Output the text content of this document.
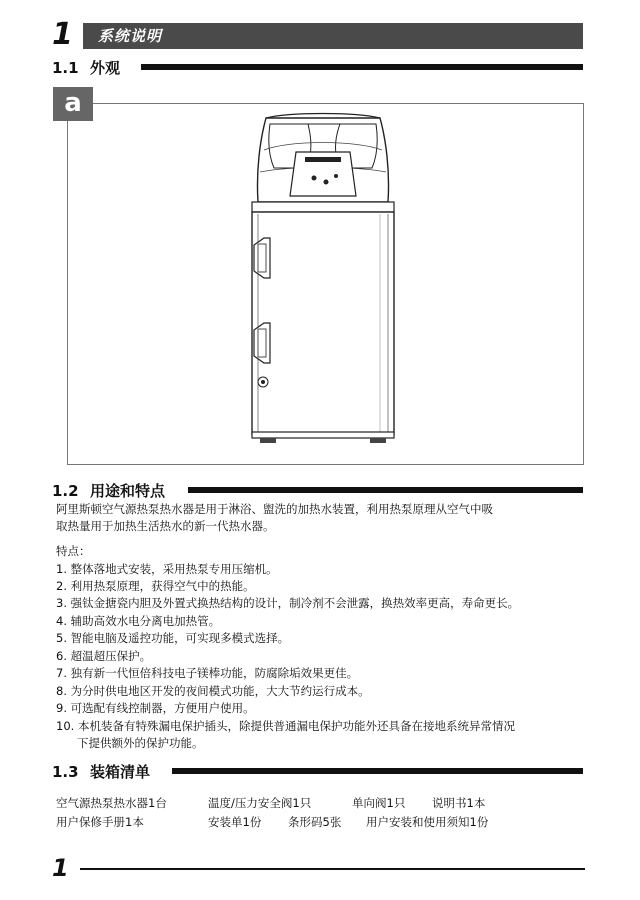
1 系统说明
1.1 外观
a
1.2 用途和特点
阿里斯顿空气源热泵热水器是用于淋浴、盥洗的加热水装置，利用热泵原理从空气中吸
取热量用于加热生活热水的新一代热水器。
特点：
1. 整体落地式安装，采用热泵专用压缩机。
2. 利用热泵原理，获得空气中的热能。
3. 强钛金搪瓷内胆及外置式换热结构的设计，制冷剂不会泄露，换热效率更高，寿命更长。
4. 辅助高效水电分离电加热管。
5. 智能电脑及遥控功能，可实现多模式选择。
6. 超温超压保护。
7. 独有新一代恒倍科技电子镁棒功能，防腐除垢效果更佳。
8. 为分时供电地区开发的夜间模式功能，大大节约运行成本。
9. 可选配有线控制器，方便用户使用。
10. 本机装备有特殊漏电保护插头，除提供普通漏电保护功能外还具备在接地系统异常情况
下提供额外的保护功能。
1.3 装箱清单
空气源热泵热水器1台	温度/压力安全阀1只	单向阀1只 说明书1本
用户保修手册1本	安装单1份 条形码5张 用户安装和使用须知1份
1
